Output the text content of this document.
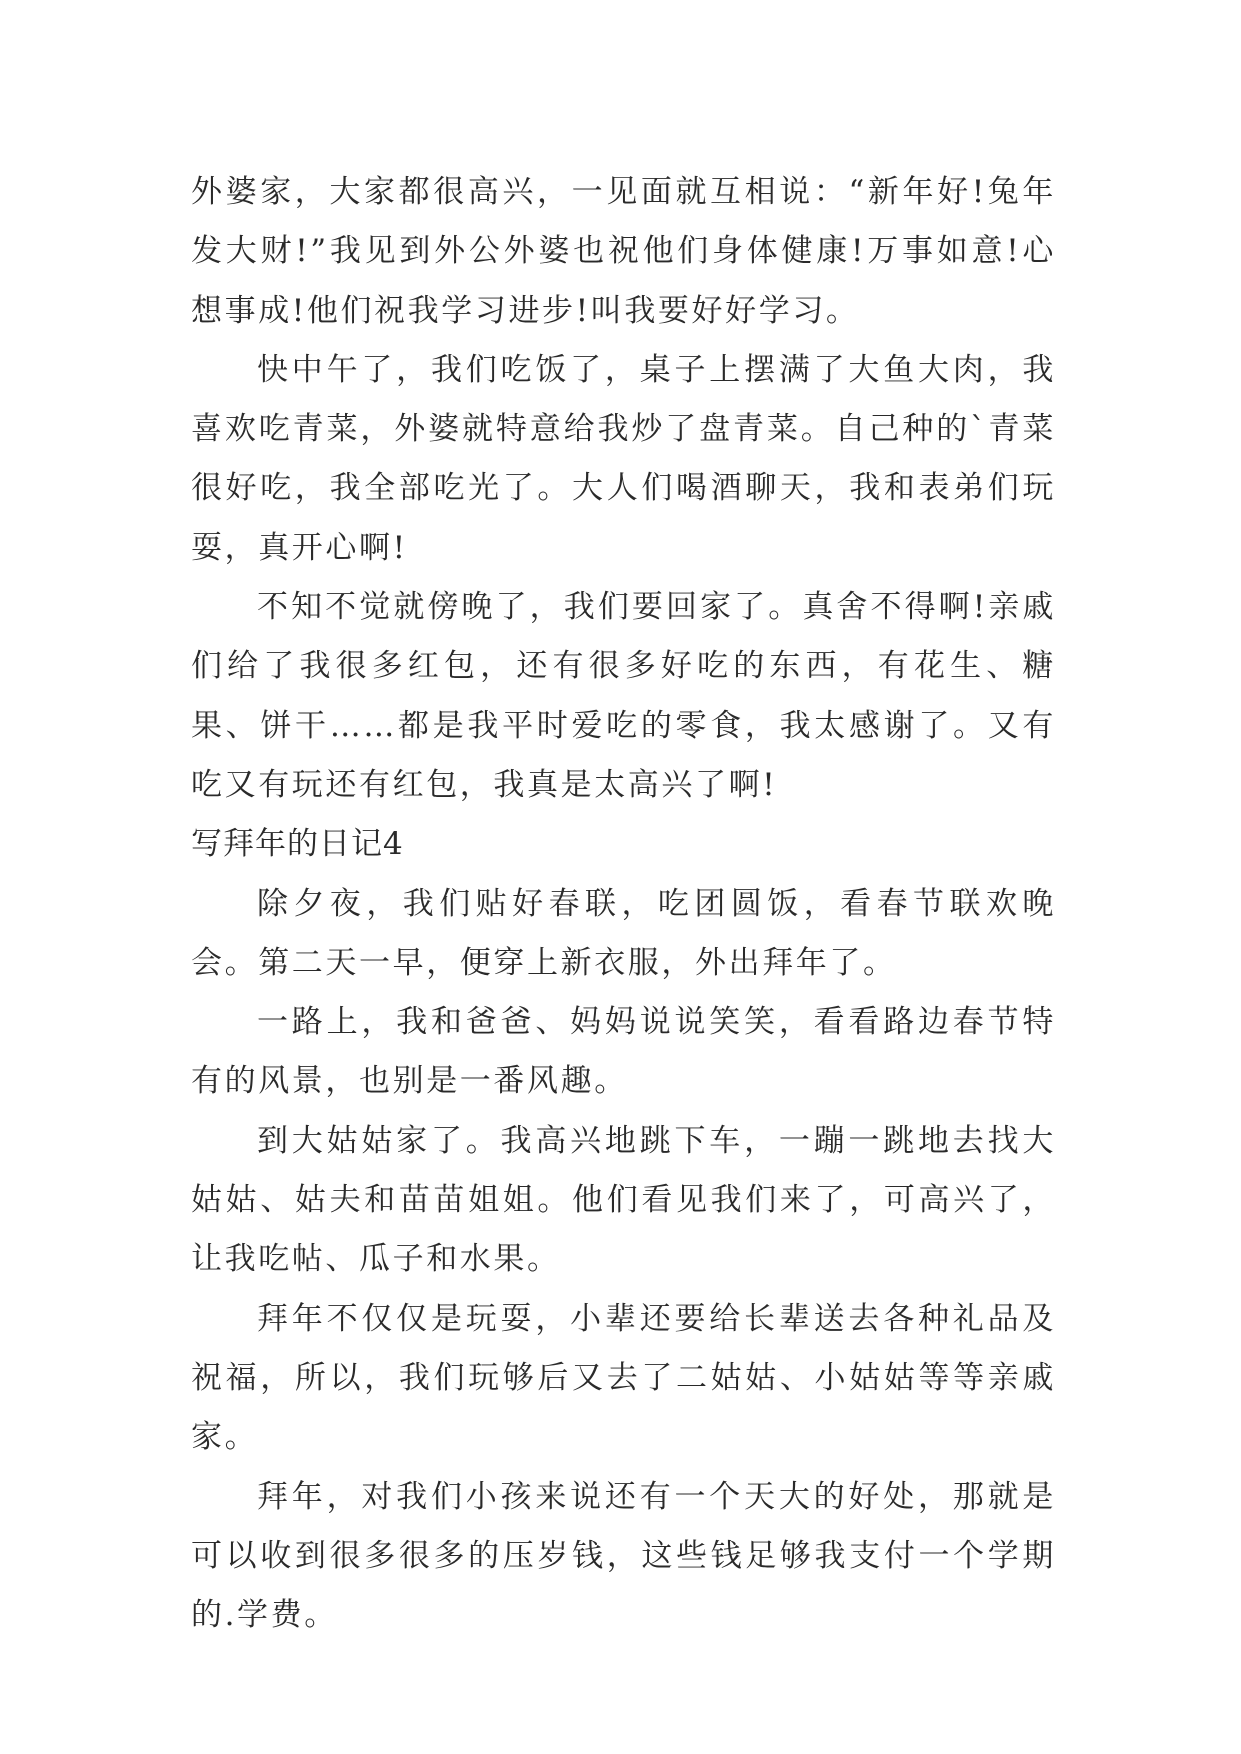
外婆家，大家都很高兴，一见面就互相说：“新年好!兔年发大财!”我见到外公外婆也祝他们身体健康!万事如意!心想事成!他们祝我学习进步!叫我要好好学习。

快中午了，我们吃饭了，桌子上摆满了大鱼大肉，我喜欢吃青菜，外婆就特意给我炒了盘青菜。自己种的`青菜很好吃，我全部吃光了。大人们喝酒聊天，我和表弟们玩耍，真开心啊!

不知不觉就傍晚了，我们要回家了。真舍不得啊!亲戚们给了我很多红包，还有很多好吃的东西，有花生、糖果、饼干……都是我平时爱吃的零食，我太感谢了。又有吃又有玩还有红包，我真是太高兴了啊!

写拜年的日记4

除夕夜，我们贴好春联，吃团圆饭，看春节联欢晚会。第二天一早，便穿上新衣服，外出拜年了。

一路上，我和爸爸、妈妈说说笑笑，看看路边春节特有的风景，也别是一番风趣。

到大姑姑家了。我高兴地跳下车，一蹦一跳地去找大姑姑、姑夫和苗苗姐姐。他们看见我们来了，可高兴了，让我吃帖、瓜子和水果。

拜年不仅仅是玩耍，小辈还要给长辈送去各种礼品及祝福，所以，我们玩够后又去了二姑姑、小姑姑等等亲戚家。

拜年，对我们小孩来说还有一个天大的好处，那就是可以收到很多很多的压岁钱，这些钱足够我支付一个学期的.学费。
